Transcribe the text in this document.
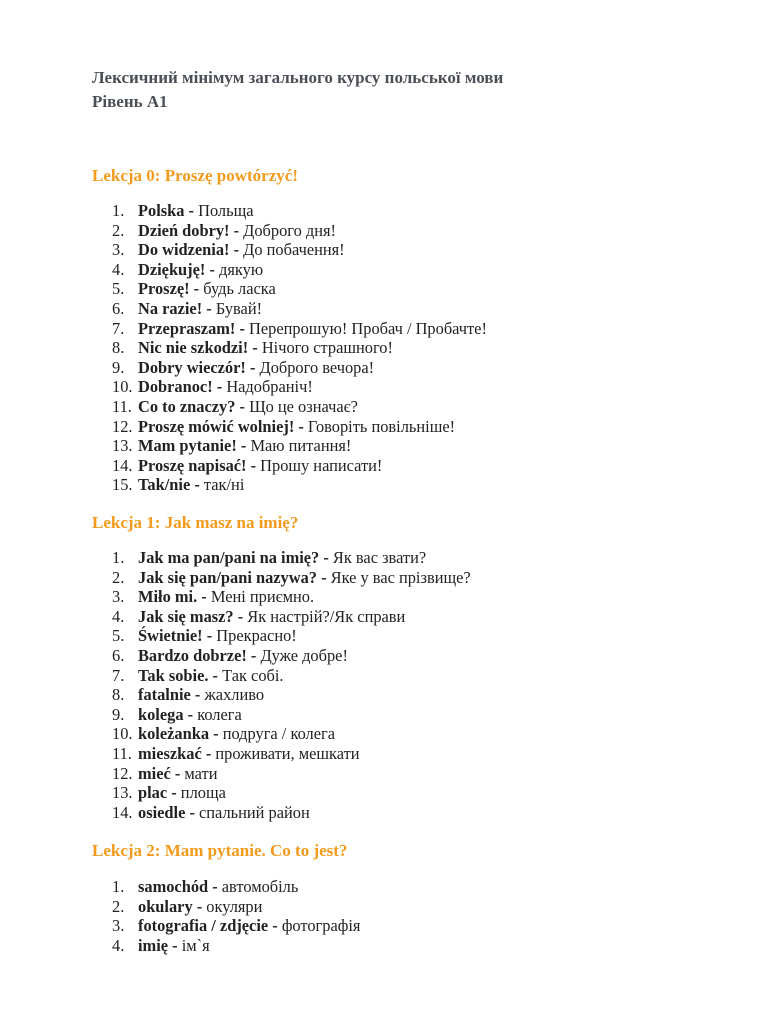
Лексичний мінімум загального курсу польської мови

Рівень А1

Lekcja 0: Proszę powtórzyć!

1. Polska - Польща
2. Dzień dobry! - Доброго дня!
3. Do widzenia! - До побачення!
4. Dziękuję! - дякую
5. Proszę! - будь ласка
6. Na razie! - Бувай!
7. Przepraszam! - Перепрошую! Пробач / Пробачте!
8. Nic nie szkodzi! - Нічого страшного!
9. Dobry wieczór! - Доброго вечора!
10. Dobranoc! - Надобраніч!
11. Co to znaczy? - Що це означає?
12. Proszę mówić wolniej! - Говоріть повільніше!
13. Mam pytanie! - Маю питання!
14. Proszę napisać! - Прошу написати!
15. Tak/nie - так/ні

Lekcja 1: Jak masz na imię?

1. Jak ma pan/pani na imię? - Як вас звати?
2. Jak się pan/pani nazywa? - Яке у вас прізвище?
3. Miło mi. - Мені приємно.
4. Jak się masz? - Як настрій?/Як справи
5. Świetnie! - Прекрасно!
6. Bardzo dobrze! - Дуже добре!
7. Tak sobie. - Так собі.
8. fatalnie - жахливо
9. kolega - колега
10. koleżanka - подруга / колега
11. mieszkać - проживати, мешкати
12. mieć - мати
13. plac - площа
14. osiedle - спальний район

Lekcja 2: Mam pytanie. Co to jest?

1. samochód - автомобіль
2. okulary - окуляри
3. fotografia / zdjęcie - фотографія
4. imię - ім`я
